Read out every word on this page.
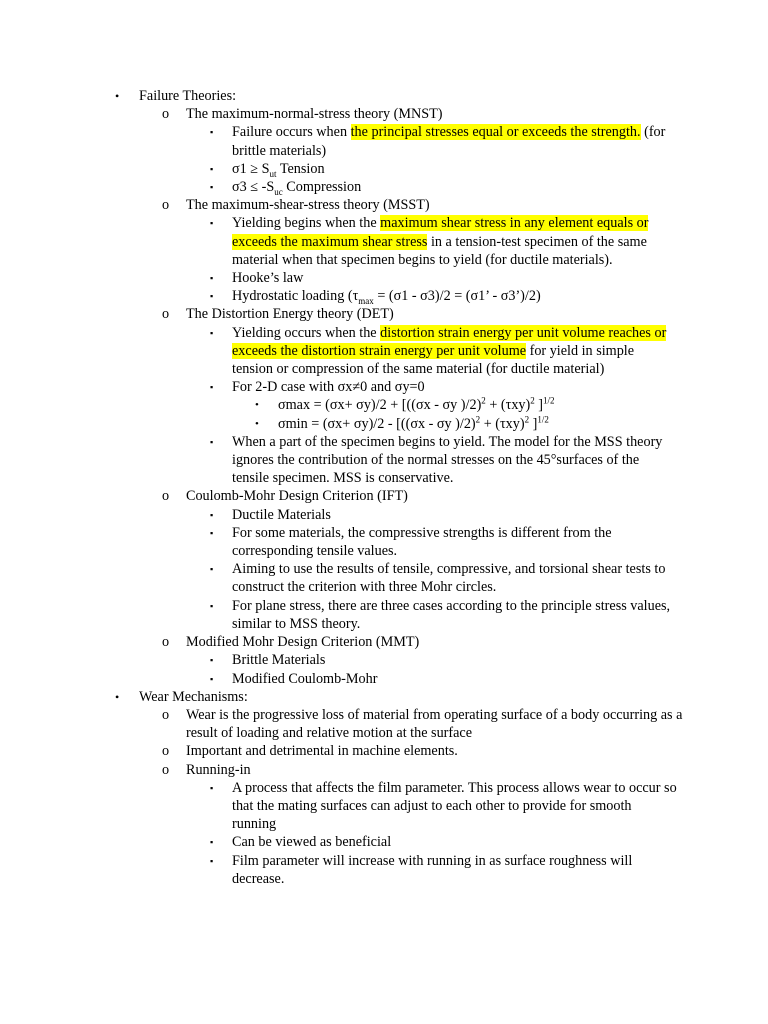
• Failure Theories:
o The maximum-normal-stress theory (MNST)
▪ Failure occurs when the principal stresses equal or exceeds the strength. (for brittle materials)
▪ $\sigma 1 \ge S_{ut}$ Tension
▪ $\sigma 3 \le -S_{uc}$ Compression
o The maximum-shear-stress theory (MSST)
▪ Yielding begins when the maximum shear stress in any element equals or exceeds the maximum shear stress in a tension-test specimen of the same material when that specimen begins to yield (for ductile materials).
▪ Hooke’s law
▪ Hydrostatic loading ($\tau_{max} = (\sigma 1 - \sigma 3)/2 = (\sigma 1$’ - σ3’)/2)
o The Distortion Energy theory (DET)
▪ Yielding occurs when the distortion strain energy per unit volume reaches or exceeds the distortion strain energy per unit volume for yield in simple tension or compression of the same material (for ductile material)
▪ For 2-D case with σx≠0 and σy=0
• σmax = (σx+ σy)/2 + [((σx - σy )$/2)^2 + (\tau xy)^2$ ]$^{1/2}$
• σmin = (σx+ σy)/2 - [((σx - σy )$/2)^2 + (\tau xy)^2$ ]$^{1/2}$
▪ When a part of the specimen begins to yield. The model for the MSS theory ignores the contribution of the normal stresses on the 45°surfaces of the tensile specimen. MSS is conservative.
o Coulomb-Mohr Design Criterion (IFT)
▪ Ductile Materials
▪ For some materials, the compressive strengths is different from the corresponding tensile values.
▪ Aiming to use the results of tensile, compressive, and torsional shear tests to construct the criterion with three Mohr circles.
▪ For plane stress, there are three cases according to the principle stress values, similar to MSS theory.
o Modified Mohr Design Criterion (MMT)
▪ Brittle Materials
▪ Modified Coulomb-Mohr
• Wear Mechanisms:
o Wear is the progressive loss of material from operating surface of a body occurring as a result of loading and relative motion at the surface
o Important and detrimental in machine elements.
o Running-in
▪ A process that affects the film parameter. This process allows wear to occur so that the mating surfaces can adjust to each other to provide for smooth running
▪ Can be viewed as beneficial
▪ Film parameter will increase with running in as surface roughness will decrease.
